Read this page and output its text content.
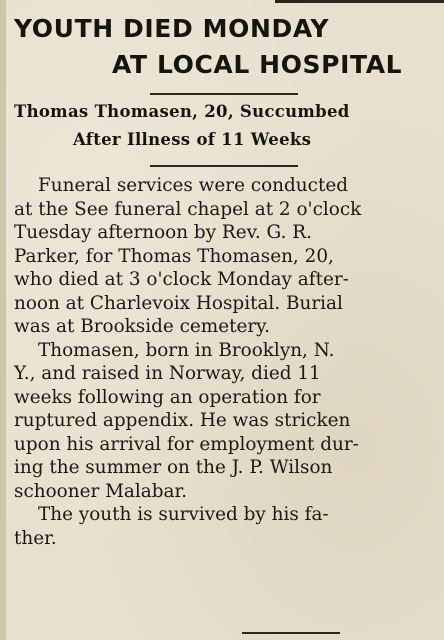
YOUTH DIED MONDAY
AT LOCAL HOSPITAL
Thomas Thomasen, 20, Succumbed
After Illness of 11 Weeks
Funeral services were conducted
at the See funeral chapel at 2 o'clock
Tuesday afternoon by Rev. G. R.
Parker, for Thomas Thomasen, 20,
who died at 3 o'clock Monday after-
noon at Charlevoix Hospital. Burial
was at Brookside cemetery.
Thomasen, born in Brooklyn, N.
Y., and raised in Norway, died 11
weeks following an operation for
ruptured appendix. He was stricken
upon his arrival for employment dur-
ing the summer on the J. P. Wilson
schooner Malabar.
The youth is survived by his fa-
ther.
